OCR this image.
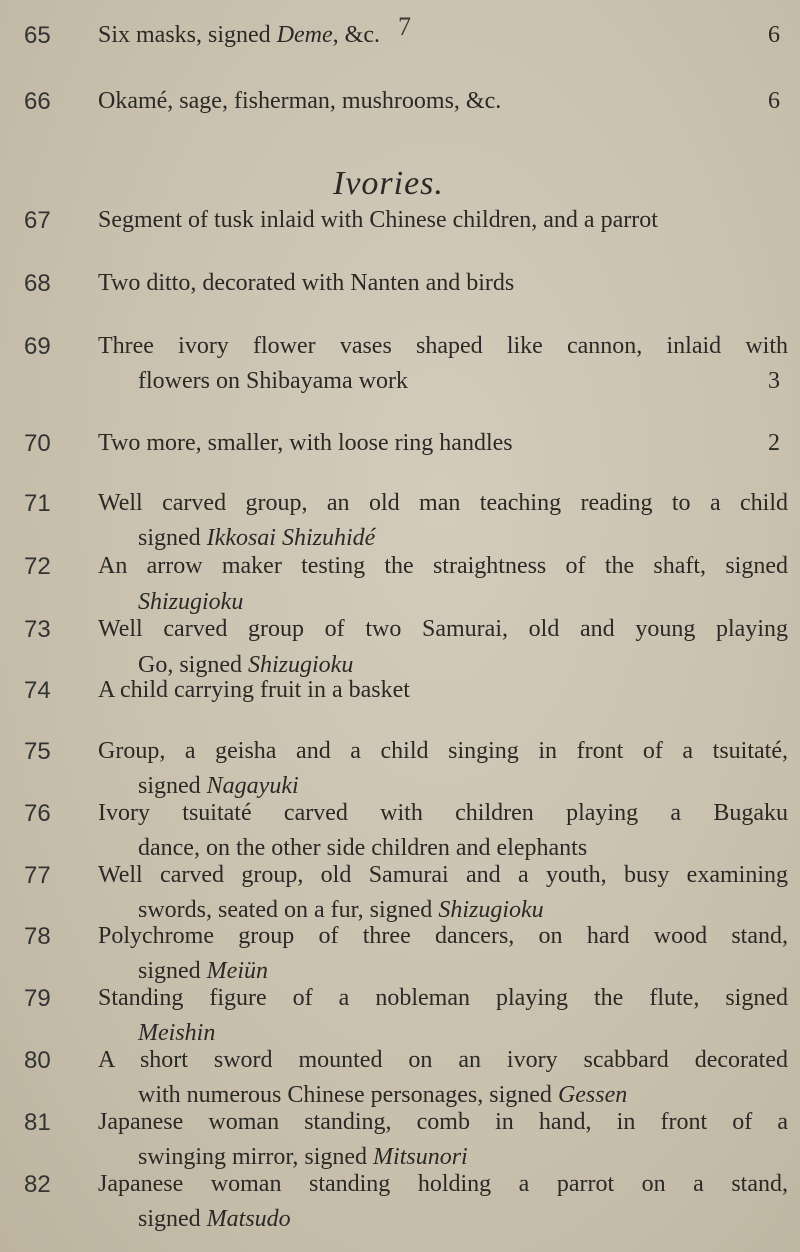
7
Ivories.
65	Six masks, signed Deme, &c.	6
66	Okamé, sage, fisherman, mushrooms, &c.	6
67	Segment of tusk inlaid with Chinese children, and a parrot
68	Two ditto, decorated with Nanten and birds
69	Three ivory flower vases shaped like cannon, inlaid with
flowers on Shibayama work	3
70	Two more, smaller, with loose ring handles	2
71	Well carved group, an old man teaching reading to a child
signed Ikkosai Shizuhidé
72	An arrow maker testing the straightness of the shaft, signed
Shizugioku
73	Well carved group of two Samurai, old and young playing
Go, signed Shizugioku
74	A child carrying fruit in a basket
75	Group, a geisha and a child singing in front of a tsuitaté,
signed Nagayuki
76	Ivory tsuitaté carved with children playing a Bugaku
dance, on the other side children and elephants
77	Well carved group, old Samurai and a youth, busy examining
swords, seated on a fur, signed Shizugioku
78	Polychrome group of three dancers, on hard wood stand,
signed Meiün
79	Standing figure of a nobleman playing the flute, signed
Meishin
80	A short sword mounted on an ivory scabbard decorated
with numerous Chinese personages, signed Gessen
81	Japanese woman standing, comb in hand, in front of a
swinging mirror, signed Mitsunori
82	Japanese woman standing holding a parrot on a stand,
signed Matsudo
